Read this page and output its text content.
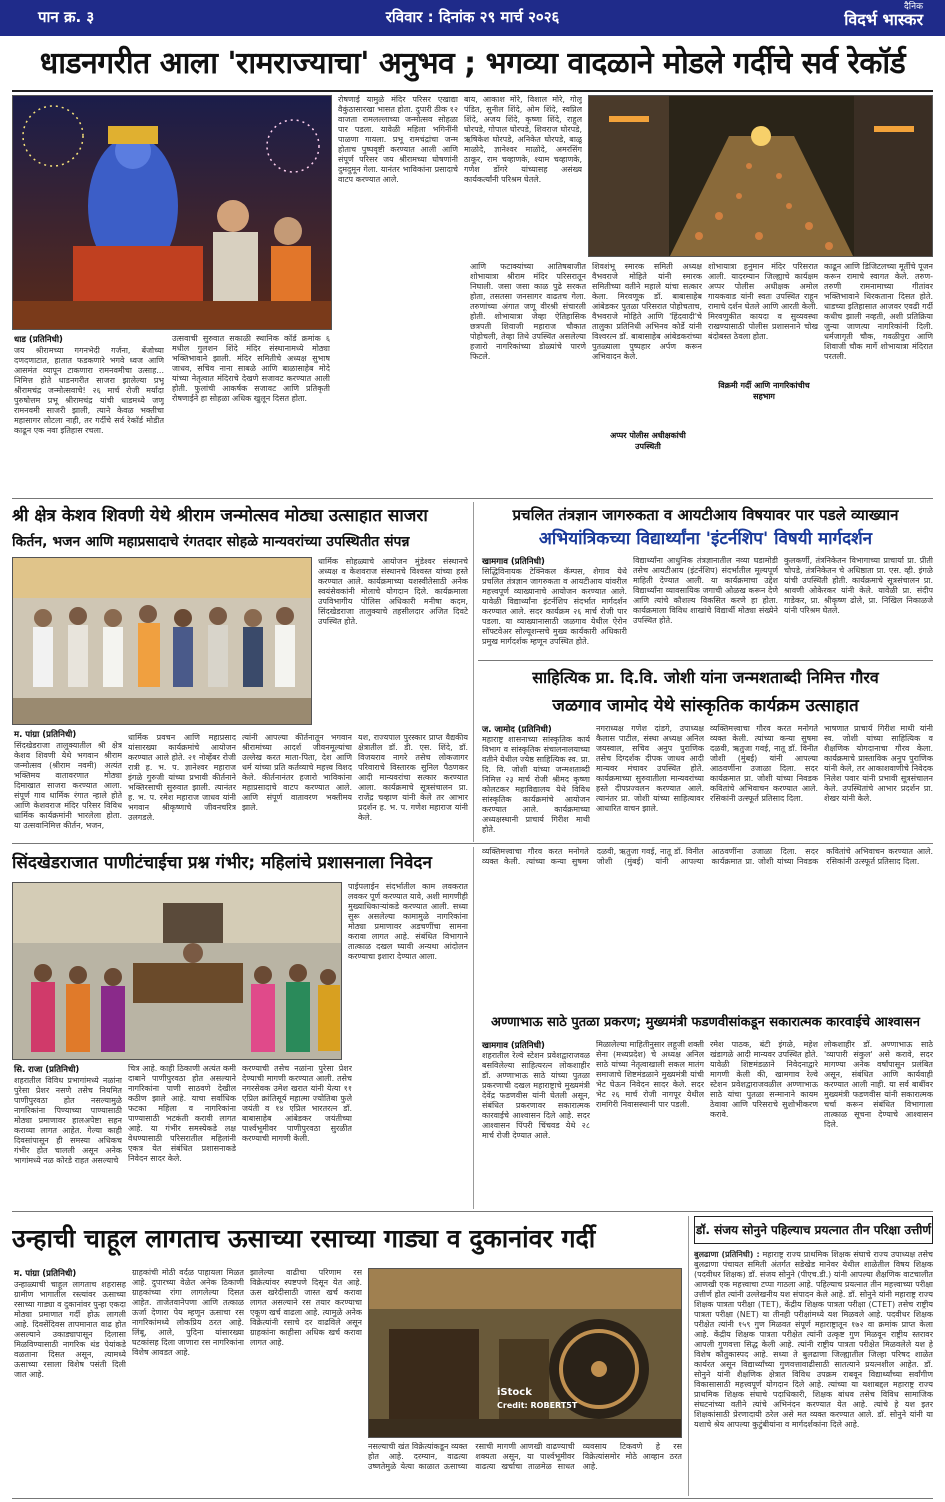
पान क्र. ३	रविवार : दिनांक २९ मार्च २०२६
दैनिक
विदर्भ भास्कर
धाडनगरीत आला 'रामराज्याचा' अनुभव ; भगव्या वादळाने मोडले गर्दीचे सर्व रेकॉर्ड
धाड (प्रतिनिधी)

जय श्रीरामच्या गगनभेदी गर्जना, बेंजोच्या दणदणाटात, हातात फडकणारे भगवे ध्वज आणि आसमंत व्यापून टाकणारा रामनवमीचा उत्साह... निमित्त होते धाडनगरीत साजरा झालेल्या प्रभू श्रीरामचंद्र जन्मोत्सवाचे! २६ मार्च रोजी मर्यादा पुरुषोत्तम प्रभू श्रीरामचंद्र यांची धाडमध्ये जणू रामनवमी साजरी झाली, त्याने केवळ भक्तीचा महासागर लोटला नाही, तर गर्दीचे सर्व रेकॉर्ड मोडीत काढून एक नवा इतिहास रचला.

उत्सवाची सुरुवात सकाळी स्थानिक कॉर्ड क्रमांक ६ मधील गुलशन शिंदे मंदिर संस्थानामध्ये मोठ्या भक्तिभावाने झाली. मंदिर समितीचे अध्यक्ष सुभाष जाधव, सचिव नाना साबळे आणि बाळासाहेब मोदे यांच्या नेतृत्वात मंदिराचे देखणे सजावट करण्यात आली होती. फुलांची आकर्षक सजावट आणि प्रतिकृती रोषणाईने हा सोहळा अधिक खुलून दिसत होता.

रोषणाई यामुळे मंदिर परिसर एखाद्या वैकुंठासारखा भासत होता. दुपारी ठीक १२ वाजता रामलल्लाच्या जन्मोत्सव सोहळा पार पडला. यावेळी महिला भगिनींनी पाळणा गायला. प्रभू रामचंद्रांचा जन्म होताच पुष्पवृष्टी करण्यात आली आणि संपूर्ण परिसर जय श्रीरामच्या घोषणांनी दुमदुमून गेला. यानंतर भाविकांना प्रसादाचे वाटप करण्यात आले.

बाय, आकाश मोरे, विशाल मोरे, गोलू पंडित, सुनील शिंदे, ओम शिंदे, स्वप्निल शिंदे, अजय शिंदे, कृष्णा शिंदे, राहुल घोरपडे, गोपाल घोरपडे, शिवराज घोरपडे, ऋषिकेश घोरपडे, अनिकेत घोरपडे, बाळू माळोदे, ज्ञानेश्वर माळोदे, अमरसिंग ठाकूर, राम चव्हाणके, श्याम चव्हाणके, गणेश डोंगरे यांच्यासह असंख्य कार्यकर्त्यांनी परिश्रम घेतले.

आणि फटाक्यांच्या आतिषबाजीत शोभायात्रा श्रीराम मंदिर परिसरातून निघाली. जसा जसा काळ पुढे सरकत होता, तसतसा जनसागर वाढतच गेला. तरुणांच्या अंगात जणू वीरश्री संचारली होती. शोभायात्रा जेव्हा ऐतिहासिक छत्रपती शिवाजी महाराज चौकात पोहोचली, तेव्हा तिथे उपस्थित असलेल्या हजारो नागरिकांच्या डोळ्यांचे पारणे फिटले.

शिवशंभू स्मारक समिती अध्यक्ष वैभवराजे मोहिते यांनी स्मारक समितीच्या वतीने महाले यांचा सत्कार केला. मिरवणूक डॉ. बाबासाहेब आंबेडकर पुतळा परिसरात पोहोचताच, वैभवराजे मोहिते आणि 'हिंदवादी'चे तालुका प्रतिनिधी अभिनव कोर्डे यांनी विश्वरत्न डॉ. बाबासाहेब आंबेडकरांच्या पुतळ्याला पुष्पहार अर्पण करून अभिवादन केले.

शोभायात्रा हनुमान मंदिर परिसरात आली. यादरम्यान जिल्ह्याचे कार्यक्षम अप्पर पोलीस अधीक्षक अमोल गायकवाड यांनी स्वतः उपस्थित राहून रामाचे दर्शन घेतले आणि आरती केली. मिरवणुकीत कायदा व सुव्यवस्था राखण्यासाठी पोलीस प्रशासनाने चोख बंदोबस्त ठेवला होता.

काढून आणि डिजिटलच्या मूर्तीचे पूजन करून रामाचे स्वागत केले. तरुण-तरुणी रामनामाच्या गीतांवर भक्तिभावाने थिरकताना दिसत होते. धाडच्या इतिहासात आजवर एवढी गर्दी कधीच झाली नव्हती, अशी प्रतिक्रिया जुन्या जाणत्या नागरिकांनी दिली. धर्मजागृती चौक, गवळीपुरा आणि शिवाजी चौक मार्गे शोभायात्रा मंदिरात परतली.

अप्पर पोलीस अधीक्षकांची उपस्थिती
विक्रमी गर्दी आणि नागरिकांचीच सहभाग
श्री क्षेत्र केशव शिवणी येथे श्रीराम जन्मोत्सव मोठ्या उत्साहात साजरा
किर्तन, भजन आणि महाप्रसादाचे रंगतदार सोहळे मान्यवरांच्या उपस्थितीत संपन्न
म. पांग्रा (प्रतिनिधी)

धार्मिक सोहळ्याचे आयोजन मुंडेश्वर संस्थानचे अध्यक्ष व केशवराज संस्थानचे विश्वस्त यांच्या हस्ते करण्यात आले. कार्यक्रमाच्या यशस्वीतेसाठी अनेक स्वयंसेवकांनी मोलाचे योगदान दिले. कार्यक्रमाला उपविभागीय पोलिस अधिकारी मनीषा कदम, सिंदखेडराजा तालुक्याचे तहसीलदार अजित दिवटे उपस्थित होते.

सिंदखेडराजा तालुक्यातील श्री क्षेत्र केशव शिवणी येथे भगवान श्रीराम जन्मोत्सव (श्रीराम नवमी) अत्यंत भक्तिमय वातावरणात मोठ्या दिमाखात साजरा करण्यात आला. संपूर्ण गाव धार्मिक रंगात न्हाले होते आणि केशवराज मंदिर परिसर विविध धार्मिक कार्यक्रमांनी भारलेला होता. या उत्सवानिमित्त कीर्तन, भजन,

धार्मिक प्रवचन आणि महाप्रसाद यांसारख्या कार्यक्रमांचे आयोजन करण्यात आले होते. २१ नोव्हेंबर रोजी रात्री ह. भ. प. ज्ञानेश्वर महाराज इंगळे गुरुजी यांच्या प्रभावी कीर्तनाने भक्तिरसाची सुरुवात झाली. त्यानंतर ह. भ. प. रमेश महाराज जाधव यांनी भगवान श्रीकृष्णाचे जीवनचरित्र उलगडले.

त्यांनी आपल्या कीर्तनातून भगवान श्रीरामांच्या आदर्श जीवनमूल्यांचा उल्लेख करत माता-पिता, देश आणि धर्म यांच्या प्रति कर्तव्याचे महत्त्व विशद केले. कीर्तनानंतर हजारो भाविकांना महाप्रसादाचे वाटप करण्यात आले. आणि संपूर्ण वातावरण भक्तीमय झाले.

यश, राज्यपाल पुरस्कार प्राप्त वैद्यकीय क्षेत्रातील डॉ. डी. एस. शिंदे, डॉ. विजयराव नागरे तसेच लोकजागर परिवाराचे विस्तारक सुनिल पैठणकर आदी मान्यवरांचा सत्कार करण्यात आला. कार्यक्रमाचे सूत्रसंचालन प्रा. राजेंद्र चव्हाण यांनी केले तर आभार प्रदर्शन ह. भ. प. गणेश महाराज यांनी केले.

प्रचलित तंत्रज्ञान जागरुकता व आयटीआय विषयावर पार पडले व्याख्यान
अभियांत्रिकच्या विद्यार्थ्यांना 'इंटर्नशिप' विषयी मार्गदर्शन
खामगाव (प्रतिनिधी)

सिद्धिविनायक टेक्निकल कॅम्पस, शेगाव येथे प्रचलित तंत्रज्ञान जागरुकता व आयटीआय यांवरील महत्त्वपूर्ण व्याख्यानाचे आयोजन करण्यात आले. यावेळी विद्यार्थ्यांना इंटर्नशिप संदर्भात मार्गदर्शन करण्यात आले. सदर कार्यक्रम २६ मार्च रोजी पार पडला. या व्याख्यानासाठी जळगाव येथील ऐरोन सॉफ्टवेअर सोल्यूशन्सचे मुख्य कार्यकारी अधिकारी प्रमुख मार्गदर्शक म्हणून उपस्थित होते.

विद्यार्थ्यांना आधुनिक तंत्रज्ञानातील नव्या घडामोडी तसेच आयटीआय (इंटर्नशिप) संदर्भातील मूल्यपूर्ण माहिती देण्यात आली. या कार्यक्रमाचा उद्देश विद्यार्थ्यांना व्यावसायिक जगाची ओळख करून देणे आणि त्यांचे कौशल्य विकसित करणे हा होता. कार्यक्रमाला विविध शाखांचे विद्यार्थी मोठ्या संख्येने उपस्थित होते.

कुलकर्णी, तंत्रनिकेतन विभागाच्या प्राचार्या प्रा. प्रीती चोपडे, तंत्रनिकेतन चे अधिष्ठाता प्रा. एस. व्ही. इंगळे यांची उपस्थिती होती. कार्यक्रमाचे सूत्रसंचालन प्रा. श्रावणी ओकेरकर यांनी केले. यावेळी प्रा. संदीप गाडेकर, प्रा. श्रीकृष्ण ढोले, प्रा. निखिल निकाळजे यांनी परिश्रम घेतले.

साहित्यिक प्रा. दि.वि. जोशी यांना जन्मशताब्दी निमित्त गौरव
जळगाव जामोद येथे सांस्कृतिक कार्यक्रम उत्साहात
ज. जामोद (प्रतिनिधी)

महाराष्ट्र शासनाच्या सांस्कृतिक कार्य विभाग व सांस्कृतिक संचालनालयाच्या वतीने येथील ज्येष्ठ साहित्यिक स्व. प्रा. दि. वि. जोशी यांच्या जन्मशताब्दी निमित्त २३ मार्च रोजी श्रीमद कृष्णा कोलटकर महाविद्यालय येथे विविध सांस्कृतिक कार्यक्रमांचे आयोजन करण्यात आले. कार्यक्रमाच्या अध्यक्षस्थानी प्राचार्य गिरीश माथी होते.

नगराध्यक्ष गणेश दांडगे, उपाध्यक्ष कैलास पाटील, संस्था अध्यक्ष अनिल जयस्वाल, सचिव अनुप पुराणिक तसेच दिग्दर्शक दीपक जाधव आदी मान्यवर मंचावर उपस्थित होते. कार्यक्रमाच्या सुरुवातीला मान्यवरांच्या हस्ते दीपप्रज्वलन करण्यात आले. त्यानंतर प्रा. जोशी यांच्या साहित्यावर आधारित वाचन झाले.

व्यक्तिमत्त्वाचा गौरव करत मनोगते व्यक्त केली. त्यांच्या कन्या सुषमा दळवी, ऋतुजा गवई, नातू डॉ. विनीत जोशी (मुंबई) यांनी आपल्या आठवणींना उजाळा दिला. सदर कार्यक्रमात प्रा. जोशी यांच्या निवडक कवितांचे अभिवाचन करण्यात आले. रसिकांनी उत्स्फूर्त प्रतिसाद दिला.

भाषणात प्राचार्य गिरीश माथी यांनी स्व. जोशी यांच्या साहित्यिक व शैक्षणिक योगदानाचा गौरव केला. कार्यक्रमाचे प्रास्ताविक अनुप पुराणिक यांनी केले, तर आकाशवाणीचे निवेदक निलेश पवार यांनी प्रभावी सूत्रसंचालन केले. उपस्थितांचे आभार प्रदर्शन प्रा. शेखर यांनी केले.

सिंदखेडराजात पाणीटंचाईचा प्रश्न गंभीर; महिलांचे प्रशासनाला निवेदन
सि. राजा (प्रतिनिधी)

पाईपलाईन संदर्भातील काम लवकरात लवकर पूर्ण करण्यात यावे, अशी मागणीही मुख्याधिकाऱ्यांकडे करण्यात आली. सध्या सुरू असलेल्या कामामुळे नागरिकांना मोठ्या प्रमाणावर अडचणींचा सामना करावा लागत आहे. संबंधित विभागाने तात्काळ दखल घ्यावी अन्यथा आंदोलन करण्याचा इशारा देण्यात आला.

शहरातील विविध प्रभागांमध्ये नळांना पुरेसा प्रेशर नसणे तसेच नियमित पाणीपुरवठा होत नसल्यामुळे नागरिकांना पिण्याच्या पाण्यासाठी मोठ्या प्रमाणावर हालअपेष्टा सहन कराव्या लागत आहेत. गेल्या काही दिवसांपासून ही समस्या अधिकच गंभीर होत चालली असून अनेक भागांमध्ये नळ कोरडे राहत असल्याचे

चित्र आहे. काही ठिकाणी अत्यंत कमी दाबाने पाणीपुरवठा होत असल्याने नागरिकांना पाणी साठवणे देखील कठीण झाले आहे. याचा सर्वाधिक फटका महिला व नागरिकांना पाण्यासाठी भटकंती करावी लागत आहे. या गंभीर समस्येकडे लक्ष वेधण्यासाठी परिसरातील महिलांनी एकत्र येत संबंधित प्रशासनाकडे निवेदन सादर केले.

करण्याची तसेच नळांना पुरेसा प्रेशर देण्याची मागणी करण्यात आली. तसेच नगरसेवक उमेश खरात यांनी येत्या ११ एप्रिल क्रांतिसूर्य महात्मा ज्योतिबा फुले जयंती व १४ एप्रिल भारतरत्न डॉ. बाबासाहेब आंबेडकर जयंतीच्या पार्श्वभूमीवर पाणीपुरवठा सुरळीत करण्याची मागणी केली.

अण्णाभाऊ साठे पुतळा प्रकरण; मुख्यमंत्री फडणवीसांकडून सकारात्मक कारवाईचे आश्वासन

व्यक्तिमत्त्वाचा गौरव करत मनोगते व्यक्त केली. त्यांच्या कन्या सुषमा दळवी, ऋतुजा गवई, नातू डॉ. विनीत जोशी (मुंबई) यांनी आपल्या आठवणींना उजाळा दिला. सदर कार्यक्रमात प्रा. जोशी यांच्या निवडक कवितांचे अभिवाचन करण्यात आले. रसिकांनी उत्स्फूर्त प्रतिसाद दिला.

खामगाव (प्रतिनिधी)

शहरातील रेल्वे स्टेशन प्रवेशद्वाराजवळ बसविलेल्या साहित्यरत्न लोकशाहीर डॉ. अण्णाभाऊ साठे यांच्या पुतळा प्रकरणाची दखल महाराष्ट्राचे मुख्यमंत्री देवेंद्र फडणवीस यांनी घेतली असून, संबंधित प्रकरणावर सकारात्मक कारवाईचे आश्वासन दिले आहे. सदर आश्वासन पिंपरी चिंचवड येथे २८ मार्च रोजी देण्यात आले.

मिळालेल्या माहितीनुसार लहूजी शक्ती सेना (मध्यप्रदेश) चे अध्यक्ष अनिल साठे यांच्या नेतृत्वाखाली सकल मातंग समाजाचे शिष्टमंडळाने मुख्यमंत्री यांची भेट घेऊन निवेदन सादर केले. सदर भेट २६ मार्च रोजी नागपूर येथील रामगिरी निवासस्थानी पार पडली.

रमेश पाठक, बंटी इंगळे, महेश खंडागळे आदी मान्यवर उपस्थित होते. यावेळी शिष्टमंडळाने निवेदनाद्वारे मागणी केली की, खामगाव रेल्वे स्टेशन प्रवेशद्वाराजवळील अण्णाभाऊ साठे यांचा पुतळा सन्मानाने कायम ठेवावा आणि परिसराचे सुशोभीकरण करावे.

लोकशाहीर डॉ. अण्णाभाऊ साठे 'व्यापारी संकुल' असे करावे, सदर मागण्या अनेक वर्षांपासून प्रलंबित असून, संबंधित आणि कार्यवाही करण्यात आली नाही. या सर्व बाबींवर मुख्यमंत्री फडणवीस यांनी सकारात्मक चर्चा करून संबंधित विभागाला तात्काळ सूचना देण्याचे आश्वासन दिले.

उन्हाची चाहूल लागताच ऊसाच्या रसाच्या गाड्या व दुकानांवर गर्दी
म. पांग्रा (प्रतिनिधी)

उन्हाळ्याची चाहूल लागताच शहरासह ग्रामीण भागातील रस्त्यांवर ऊसाच्या रसाच्या गाड्या व दुकानांवर पुन्हा एकदा मोठ्या प्रमाणात गर्दी होऊ लागली आहे. दिवसेंदिवस तापमानात वाढ होत असल्याने उकाड्यापासून दिलासा मिळविण्यासाठी नागरिक थंड पेयांकडे वळताना दिसत असून, त्यामध्ये ऊसाच्या रसाला विशेष पसंती दिली जात आहे.

ग्राहकांची मोठी वर्दळ पाहायला मिळत आहे. दुपारच्या वेळेत अनेक ठिकाणी ग्राहकांच्या रांगा लागलेल्या दिसत आहेत. ताजेतवानेपणा आणि तत्काळ ऊर्जा देणारा पेय म्हणून ऊसाचा रस नागरिकांमध्ये लोकप्रिय ठरत आहे. लिंबू, आले, पुदिना यांसारख्या घटकांसह दिला जाणारा रस नागरिकांना विशेष आवडत आहे.

झालेल्या वाढीचा परिणाम रस विक्रेत्यांवर स्पष्टपणे दिसून येत आहे. ऊस खरेदीसाठी जास्त खर्च करावा लागत असल्याने रस तयार करण्याचा एकूण खर्च वाढला आहे. त्यामुळे अनेक विक्रेत्यांनी रसाचे दर वाढविले असून ग्राहकांना काहीसा अधिक खर्च करावा लागत आहे.

iStock
Credit: ROBERT5T

नसल्याची खंत विक्रेत्यांकडून व्यक्त होत आहे. दरम्यान, वाढत्या उष्णतेमुळे येत्या काळात ऊसाच्या रसाची मागणी आणखी वाढण्याची शक्यता असून, या पार्श्वभूमीवर वाढत्या खर्चाचा ताळमेळ साधत व्यवसाय टिकवणे हे रस विक्रेत्यांसमोर मोठे आव्हान ठरत आहे.

डॉ. संजय सोनुने पहिल्याच प्रयत्नात तीन परिक्षा उत्तीर्ण

बुलढाणा (प्रतिनिधी) : महाराष्ट्र राज्य प्राथमिक शिक्षक संघाचे राज्य उपाध्यक्ष तसेच बुलढाणा पंचायत समिती अंतर्गत सडेखेड मानेवर येथील शाळेतील विषय शिक्षक (पदवीधर शिक्षक) डॉ. संजय सोनुने (पीएच.डी.) यांनी आपल्या शैक्षणिक वाटचालीत आणखी एक महत्त्वाचा टप्पा गाठला आहे. पहिल्याच प्रयत्नात तीन महत्त्वाच्या परीक्षा उत्तीर्ण होत त्यांनी उल्लेखनीय यश संपादन केले आहे. डॉ. सोनुने यांनी महाराष्ट्र राज्य शिक्षक पात्रता परीक्षा (TET), केंद्रीय शिक्षक पात्रता परीक्षा (CTET) तसेच राष्ट्रीय पात्रता परीक्षा (NET) या तीनही परीक्षांमध्ये यश मिळवले आहे. पदवीधर शिक्षक परीक्षेत त्यांनी १५९ गुण मिळवत संपूर्ण महाराष्ट्रातून १७२ वा क्रमांक प्राप्त केला आहे. केंद्रीय शिक्षक पात्रता परीक्षेत त्यांनी उत्कृष्ट गुण मिळवून राष्ट्रीय स्तरावर आपली गुणवत्ता सिद्ध केली आहे. त्यांनी राष्ट्रीय पात्रता परीक्षेत मिळवलेले यश हे विशेष कौतुकास्पद आहे. सध्या ते बुलढाणा जिल्ह्यातील जिल्हा परिषद शाळेत कार्यरत असून विद्यार्थ्यांच्या गुणवत्तावाढीसाठी सातत्याने प्रयत्नशील आहेत. डॉ. सोनुने यांनी शैक्षणिक क्षेत्रात विविध उपक्रम राबवून विद्यार्थ्यांच्या सर्वांगीण विकासासाठी महत्त्वपूर्ण योगदान दिले आहे. त्यांच्या या यशाबद्दल महाराष्ट्र राज्य प्राथमिक शिक्षक संघाचे पदाधिकारी, शिक्षक बांधव तसेच विविध सामाजिक संघटनांच्या वतीने त्यांचे अभिनंदन करण्यात येत आहे. त्यांचे हे यश इतर शिक्षकांसाठी प्रेरणादायी ठरेल असे मत व्यक्त करण्यात आले. डॉ. सोनुने यांनी या यशाचे श्रेय आपल्या कुटुंबीयांना व मार्गदर्शकांना दिले आहे.
